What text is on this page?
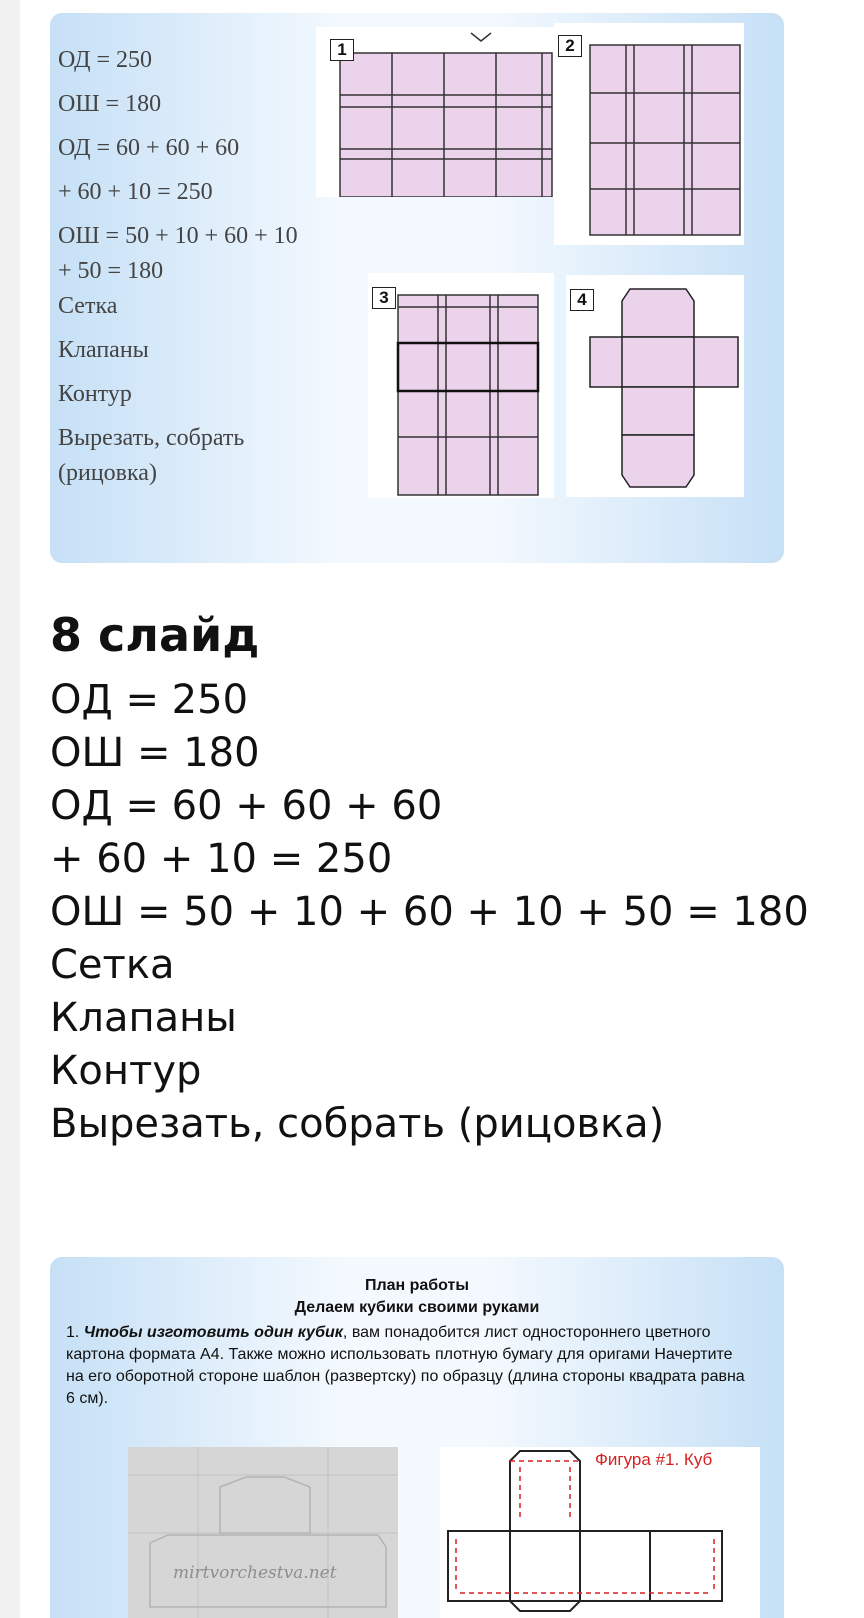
ОД = 250
ОШ = 180
ОД = 60 + 60 + 60
+ 60 + 10 = 250
ОШ = 50 + 10 + 60 + 10
+ 50 = 180
Сетка
Клапаны
Контур
Вырезать, собрать
(рицовка)
1	2
3	4
8 слайд
ОД = 250
ОШ = 180
ОД = 60 + 60 + 60
+ 60 + 10 = 250
ОШ = 50 + 10 + 60 + 10 + 50 = 180
Сетка
Клапаны
Контур
Вырезать, собрать (рицовка)
План работы
Делаем кубики своими руками
1. Чтобы изготовить один кубик, вам понадобится лист одностороннего цветного картона формата А4. Также можно использовать плотную бумагу для оригами Начертите на его оборотной стороне шаблон (развертску) по образцу (длина стороны квадрата равна 6 см).
mirtvorchestva.net
Фигура #1. Куб
